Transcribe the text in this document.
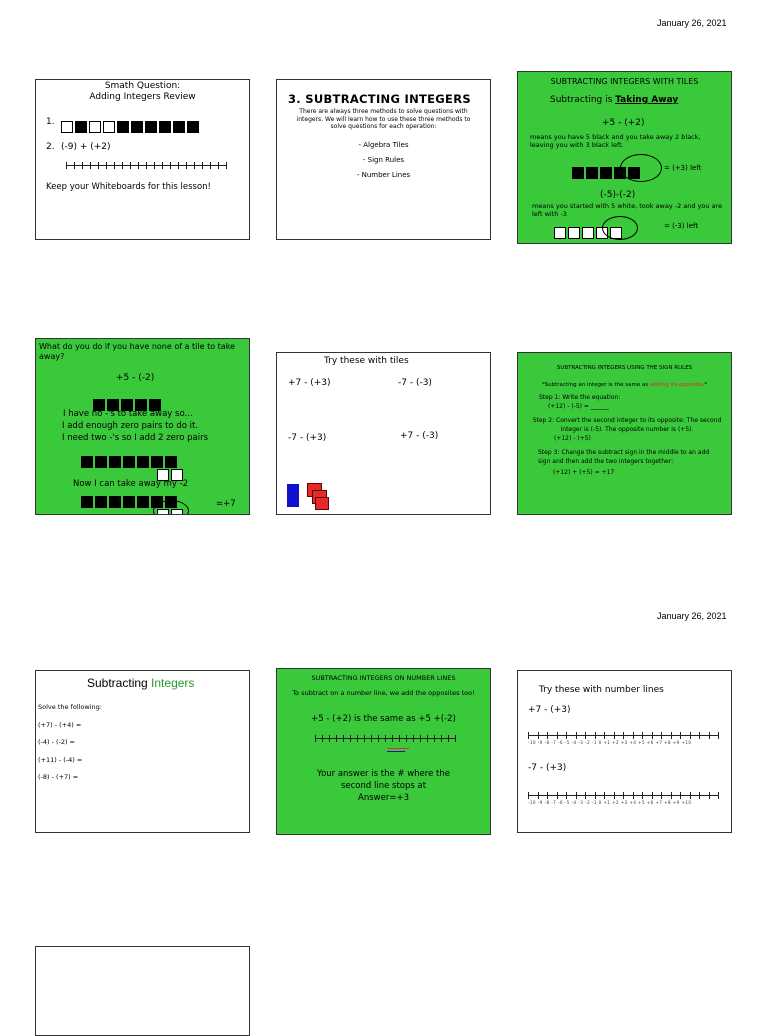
January 26, 2021
January 26, 2021
Smath Question:
Adding Integers Review
1.
2. (-9) + (+2)
Keep your Whiteboards for this lesson!
3. SUBTRACTING INTEGERS
There are always three methods to solve questions with integers. We will learn how to use these three methods to solve questions for each operation:
- Algebra Tiles
- Sign Rules
- Number Lines
SUBTRACTING INTEGERS WITH TILES
Subtracting is Taking Away
+5 - (+2)
means you have 5 black and you take away 2 black, leaving you with 3 black left.
= (+3) left
(-5)-(-2)
means you started with 5 white, took away -2 and you are left with -3
= (-3) left
What do you do if you have none of a tile to take away?
+5 - (-2)
I have no -'s to take away so...
I add enough zero pairs to do it.
I need two -'s so I add 2 zero pairs
Now I can take away my -2
=+7
Try these with tiles
+7 - (+3)	-7 - (-3)
-7 - (+3)	+7 - (-3)
SUBTRACTING INTEGERS USING THE SIGN RULES
*Subtracting an integer is the same as adding its opposite.*
Step 1: Write the equation:
(+12) - (-5) = ______
Step 2: Convert the second integer to its opposite: The second integer is (-5). The opposite number is (+5).
(+12) - (+5)
Step 3: Change the subtract sign in the middle to an add sign and then add the two integers together:
(+12) + (+5) = +17
Subtracting Integers
Solve the following:
(+7) - (+4) =
(-4) - (-2) =
(+11) - (-4) =
(-8) - (+7) =
SUBTRACTING INTEGERS ON NUMBER LINES
To subtract on a number line, we add the opposites too!
+5 - (+2) is the same as +5 +(-2)
Your answer is the # where the
second line stops at
Answer=+3
Try these with number lines
+7 - (+3)
-10 -9 -8 -7 -6 -5 -4 -3 -2 -1 0 +1 +2 +3 +4 +5 +6 +7 +8 +9 +10
-7 - (+3)
-10 -9 -8 -7 -6 -5 -4 -3 -2 -1 0 +1 +2 +3 +4 +5 +6 +7 +8 +9 +10
